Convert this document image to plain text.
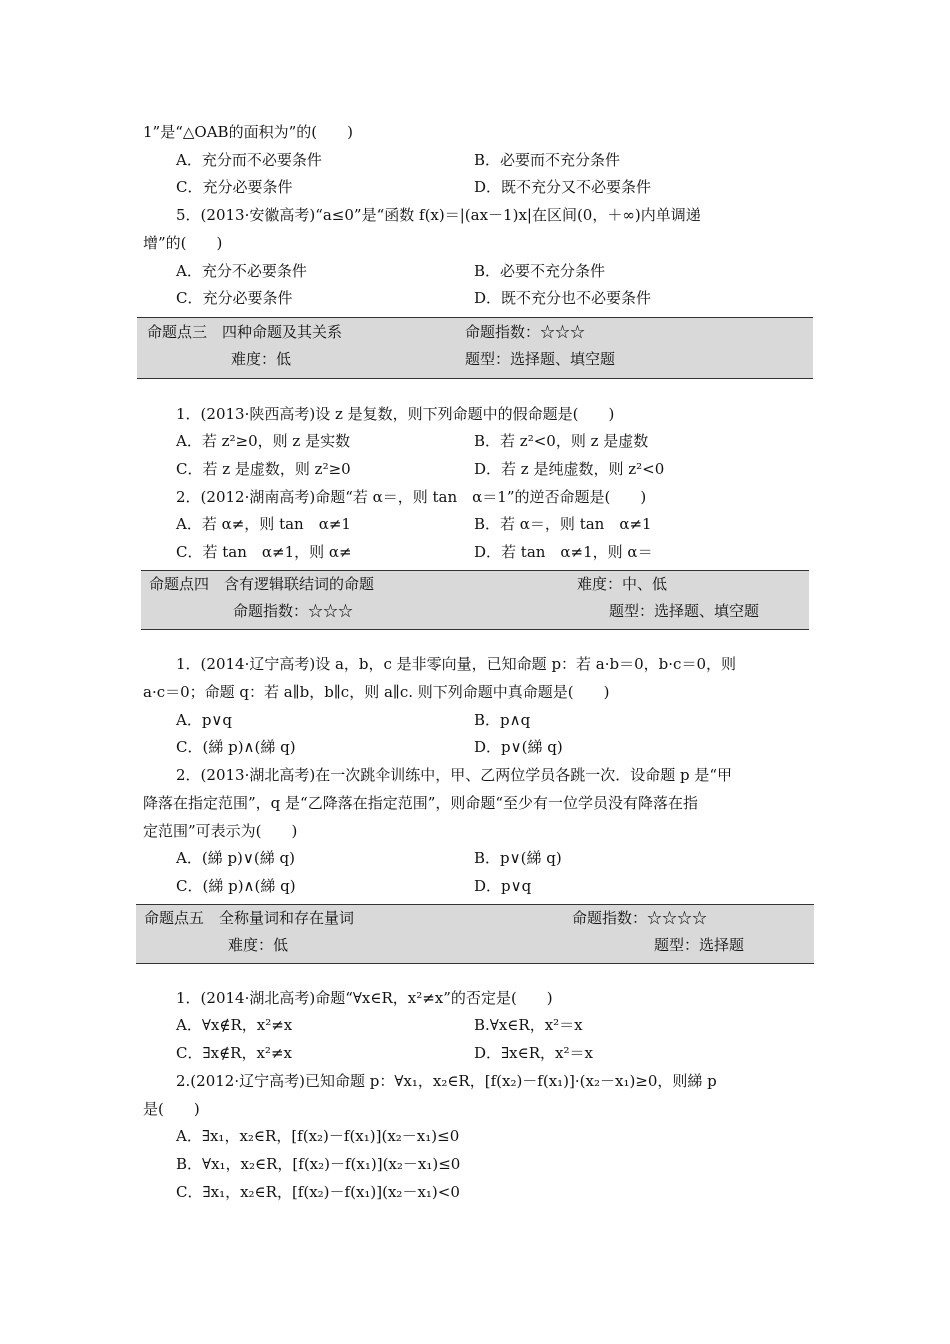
1”是“△OAB的面积为”的(　　)
A．充分而不必要条件	B．必要而不充分条件
C．充分必要条件	D．既不充分又不必要条件
5．(2013·安徽高考)“a≤0”是“函数 f(x)＝|(ax－1)x|在区间(0，＋∞)内单调递
增”的(　　)
A．充分不必要条件	B．必要不充分条件
C．充分必要条件	D．既不充分也不必要条件
命题点三　四种命题及其关系	命题指数：☆☆☆
难度：低	题型：选择题、填空题
1．(2013·陕西高考)设 z 是复数，则下列命题中的假命题是(　　)
A．若 z²≥0，则 z 是实数	B．若 z²<0，则 z 是虚数
C．若 z 是虚数，则 z²≥0	D．若 z 是纯虚数，则 z²<0
2．(2012·湖南高考)命题“若 α＝，则 tan　α＝1”的逆否命题是(　　)
A．若 α≠，则 tan　α≠1	B．若 α＝，则 tan　α≠1
C．若 tan　α≠1，则 α≠	D．若 tan　α≠1，则 α＝
命题点四　含有逻辑联结词的命题	难度：中、低
命题指数：☆☆☆	题型：选择题、填空题
1．(2014·辽宁高考)设 a，b，c 是非零向量，已知命题 p：若 a·b＝0，b·c＝0，则
a·c＝0；命题 q：若 a∥b，b∥c，则 a∥c. 则下列命题中真命题是(　　)
A．p∨q	B．p∧q
C．(綈 p)∧(綈 q)	D．p∨(綈 q)
2．(2013·湖北高考)在一次跳伞训练中，甲、乙两位学员各跳一次．设命题 p 是“甲
降落在指定范围”，q 是“乙降落在指定范围”，则命题“至少有一位学员没有降落在指
定范围”可表示为(　　)
A．(綈 p)∨(綈 q)	B．p∨(綈 q)
C．(綈 p)∧(綈 q)	D．p∨q
命题点五　全称量词和存在量词	命题指数：☆☆☆☆
难度：低	题型：选择题
1．(2014·湖北高考)命题“∀x∈R，x²≠x”的否定是(　　)
A．∀x∉R，x²≠x	B.∀x∈R，x²＝x
C．∃x∉R，x²≠x	D．∃x∈R，x²＝x
2.(2012·辽宁高考)已知命题 p：∀x₁，x₂∈R，[f(x₂)－f(x₁)]·(x₂－x₁)≥0，则綈 p
是(　　)
A．∃x₁，x₂∈R，[f(x₂)－f(x₁)](x₂－x₁)≤0
B．∀x₁，x₂∈R，[f(x₂)－f(x₁)](x₂－x₁)≤0
C．∃x₁，x₂∈R，[f(x₂)－f(x₁)](x₂－x₁)<0
